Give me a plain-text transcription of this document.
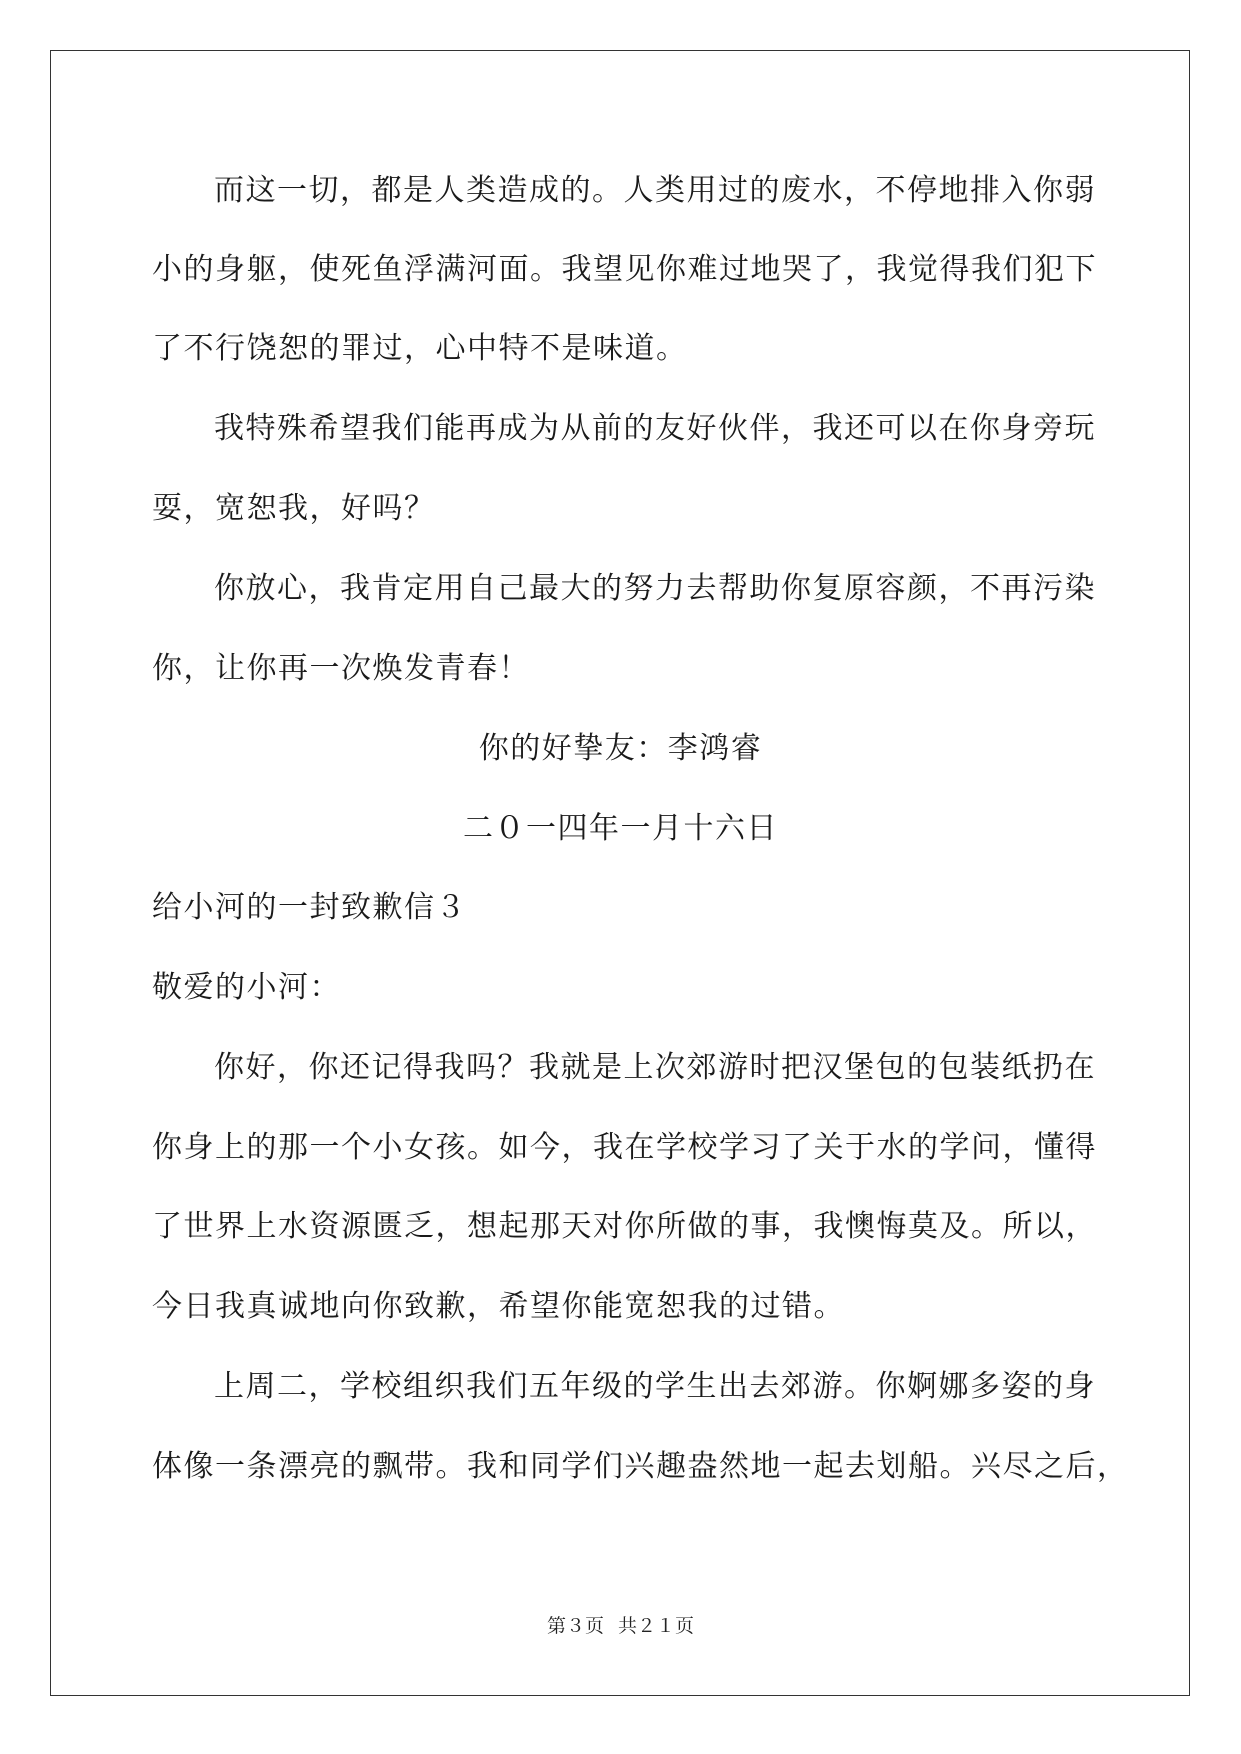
而这一切，都是人类造成的。人类用过的废水，不停地排入你弱
小的身躯，使死鱼浮满河面。我望见你难过地哭了，我觉得我们犯下
了不行饶恕的罪过，心中特不是味道。
我特殊希望我们能再成为从前的友好伙伴，我还可以在你身旁玩
耍，宽恕我，好吗？
你放心，我肯定用自己最大的努力去帮助你复原容颜，不再污染
你，让你再一次焕发青春！
你的好挚友：李鸿睿
二０一四年一月十六日
给小河的一封致歉信３
敬爱的小河：
你好，你还记得我吗？我就是上次郊游时把汉堡包的包装纸扔在
你身上的那一个小女孩。如今，我在学校学习了关于水的学问，懂得
了世界上水资源匮乏，想起那天对你所做的事，我懊悔莫及。所以，
今日我真诚地向你致歉，希望你能宽恕我的过错。
上周二，学校组织我们五年级的学生出去郊游。你婀娜多姿的身
体像一条漂亮的飘带。我和同学们兴趣盎然地一起去划船。兴尽之后，
第３页 共２１页
